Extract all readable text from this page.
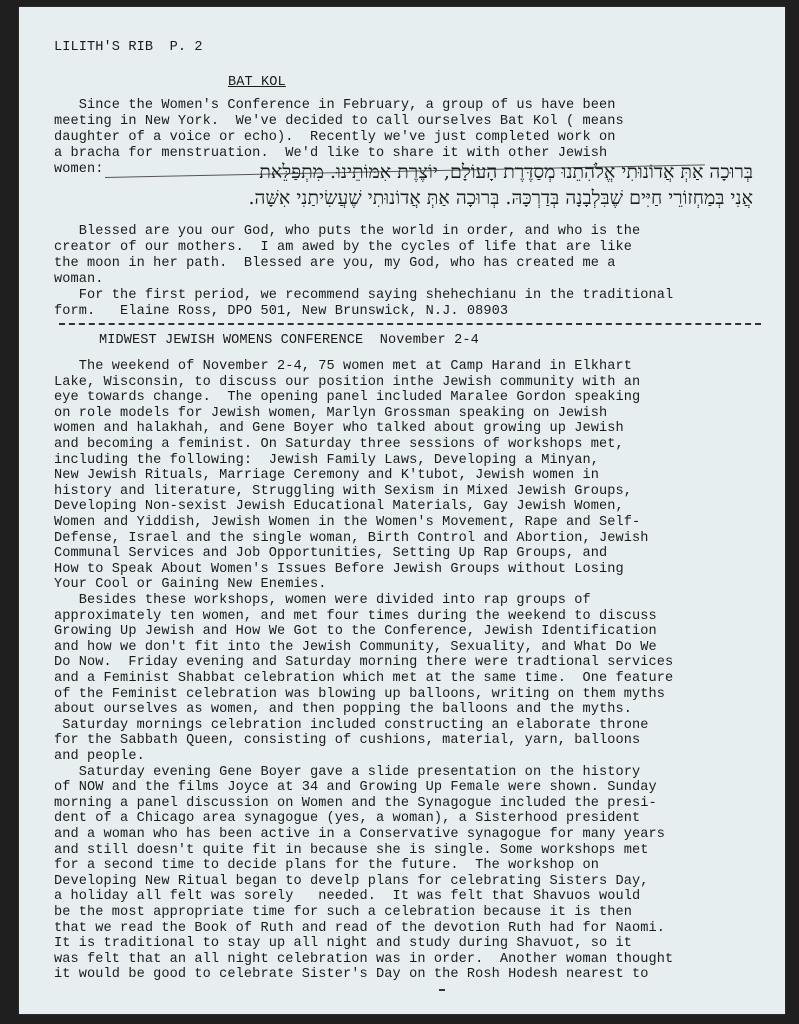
LILITH'S RIB  P. 2
BAT KOL
Since the Women's Conference in February, a group of us have been
meeting in New York.  We've decided to call ourselves Bat Kol ( means
daughter of a voice or echo).  Recently we've just completed work on
a bracha for menstruation.  We'd like to share it with other Jewish
women:	בְּרוּכָה אַתְּ אֲדוֹנוּתִי אֱלֹהִתֵנוּ מְסַדֶּרֶת הָעוֹלָם, יוֹצֶרֶת אִמּוֹתֵינוּ. מִתְפַּלֵּאת
אֲנִי בְּמַחְזוֹרֵי חַיִּים שֶׁבִּלְבָנָה בְּדַרְכָּהּ. בְּרוּכָה אַתְּ אֲדוֹנוּתִי שֶׁעֲשִׂיתַנִי אִשָּׁה.
Blessed are you our God, who puts the world in order, and who is the
creator of our mothers.  I am awed by the cycles of life that are like
the moon in her path.  Blessed are you, my God, who has created me a
woman.
For the first period, we recommend saying shehechianu in the traditional
form.   Elaine Ross, DPO 501, New Brunswick, N.J. 08903
MIDWEST JEWISH WOMENS CONFERENCE  November 2-4
The weekend of November 2-4, 75 women met at Camp Harand in Elkhart
Lake, Wisconsin, to discuss our position inthe Jewish community with an
eye towards change.  The opening panel included Maralee Gordon speaking
on role models for Jewish women, Marlyn Grossman speaking on Jewish
women and halakhah, and Gene Boyer who talked about growing up Jewish
and becoming a feminist. On Saturday three sessions of workshops met,
including the following:  Jewish Family Laws, Developing a Minyan,
New Jewish Rituals, Marriage Ceremony and K'tubot, Jewish women in
history and literature, Struggling with Sexism in Mixed Jewish Groups,
Developing Non-sexist Jewish Educational Materials, Gay Jewish Women,
Women and Yiddish, Jewish Women in the Women's Movement, Rape and Self-
Defense, Israel and the single woman, Birth Control and Abortion, Jewish
Communal Services and Job Opportunities, Setting Up Rap Groups, and
How to Speak About Women's Issues Before Jewish Groups without Losing
Your Cool or Gaining New Enemies.
Besides these workshops, women were divided into rap groups of
approximately ten women, and met four times during the weekend to discuss
Growing Up Jewish and How We Got to the Conference, Jewish Identification
and how we don't fit into the Jewish Community, Sexuality, and What Do We
Do Now.  Friday evening and Saturday morning there were tradtional services
and a Feminist Shabbat celebration which met at the same time.  One feature
of the Feminist celebration was blowing up balloons, writing on them myths
about ourselves as women, and then popping the balloons and the myths.
Saturday mornings celebration included constructing an elaborate throne
for the Sabbath Queen, consisting of cushions, material, yarn, balloons
and people.
Saturday evening Gene Boyer gave a slide presentation on the history
of NOW and the films Joyce at 34 and Growing Up Female were shown. Sunday
morning a panel discussion on Women and the Synagogue included the presi-
dent of a Chicago area synagogue (yes, a woman), a Sisterhood president
and a woman who has been active in a Conservative synagogue for many years
and still doesn't quite fit in because she is single. Some workshops met
for a second time to decide plans for the future.  The workshop on
Developing New Ritual began to develp plans for celebrating Sisters Day,
a holiday all felt was sorely   needed.  It was felt that Shavuos would
be the most appropriate time for such a celebration because it is then
that we read the Book of Ruth and read of the devotion Ruth had for Naomi.
It is traditional to stay up all night and study during Shavuot, so it
was felt that an all night celebration was in order.  Another woman thought
it would be good to celebrate Sister's Day on the Rosh Hodesh nearest to
